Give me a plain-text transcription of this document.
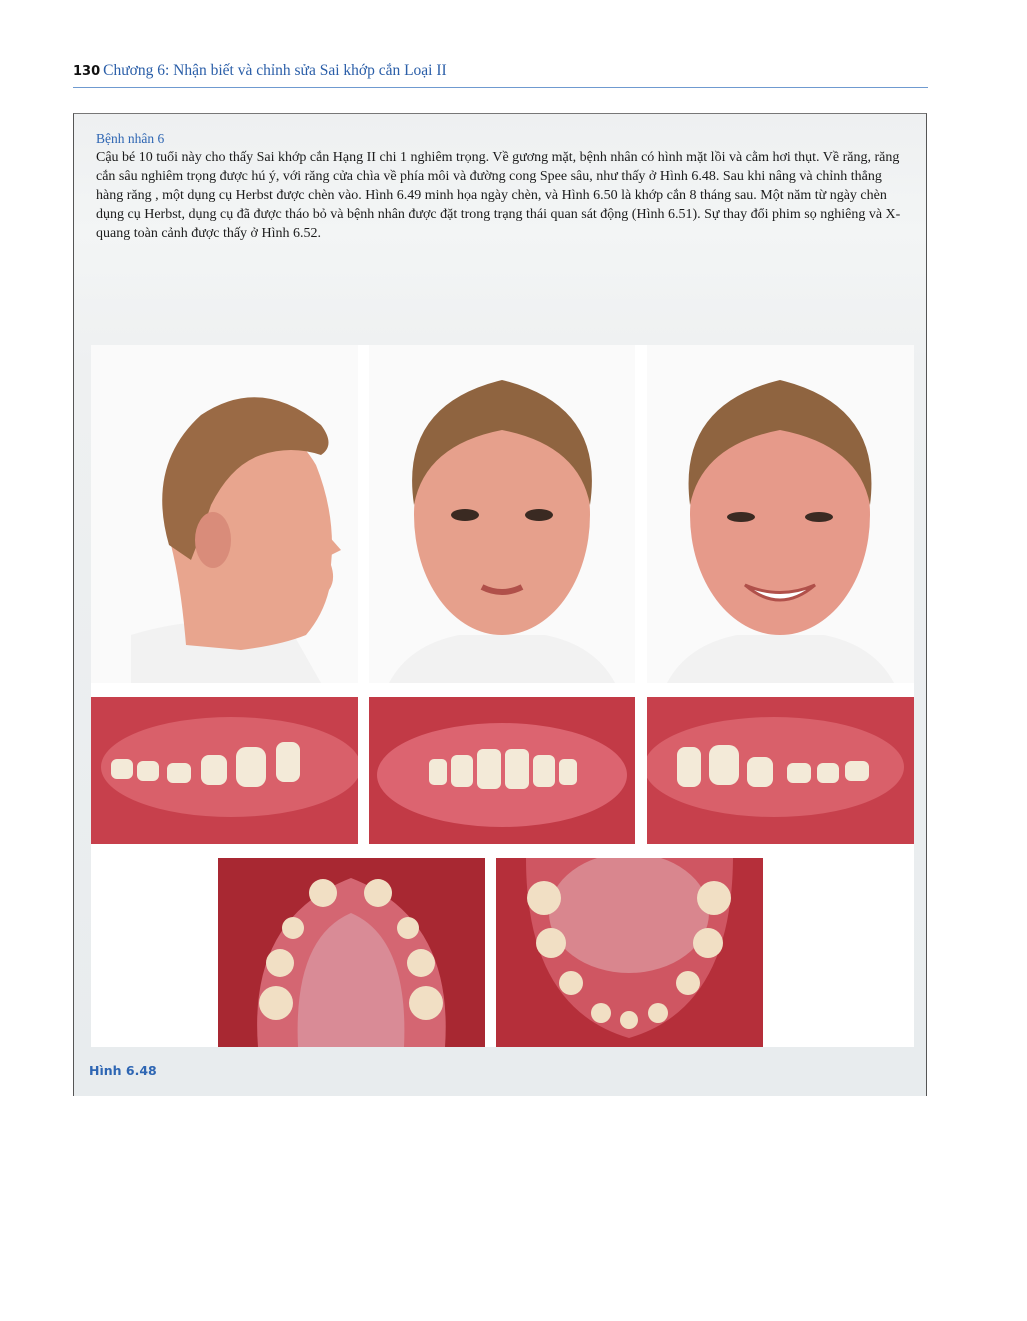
130 Chương 6: Nhận biết và chỉnh sửa Sai khớp cắn Loại II
Bệnh nhân 6

Cậu bé 10 tuổi này cho thấy Sai khớp cắn Hạng II chi 1 nghiêm trọng. Về gương mặt, bệnh nhân có hình mặt lồi và cằm hơi thụt. Về răng, răng cắn sâu nghiêm trọng được hú ý, với răng cửa chìa về phía môi và đường cong Spee sâu, như thấy ở Hình 6.48. Sau khi nâng và chỉnh thẳng hàng răng , một dụng cụ Herbst được chèn vào. Hình 6.49 minh họa ngày chèn, và Hình 6.50 là khớp cắn 8 tháng sau. Một năm từ ngày chèn dụng cụ Herbst, dụng cụ đã được tháo bỏ và bệnh nhân được đặt trong trạng thái quan sát động (Hình 6.51). Sự thay đổi phim sọ nghiêng và X-quang toàn cảnh được thấy ở Hình 6.52.

Hình 6.48
